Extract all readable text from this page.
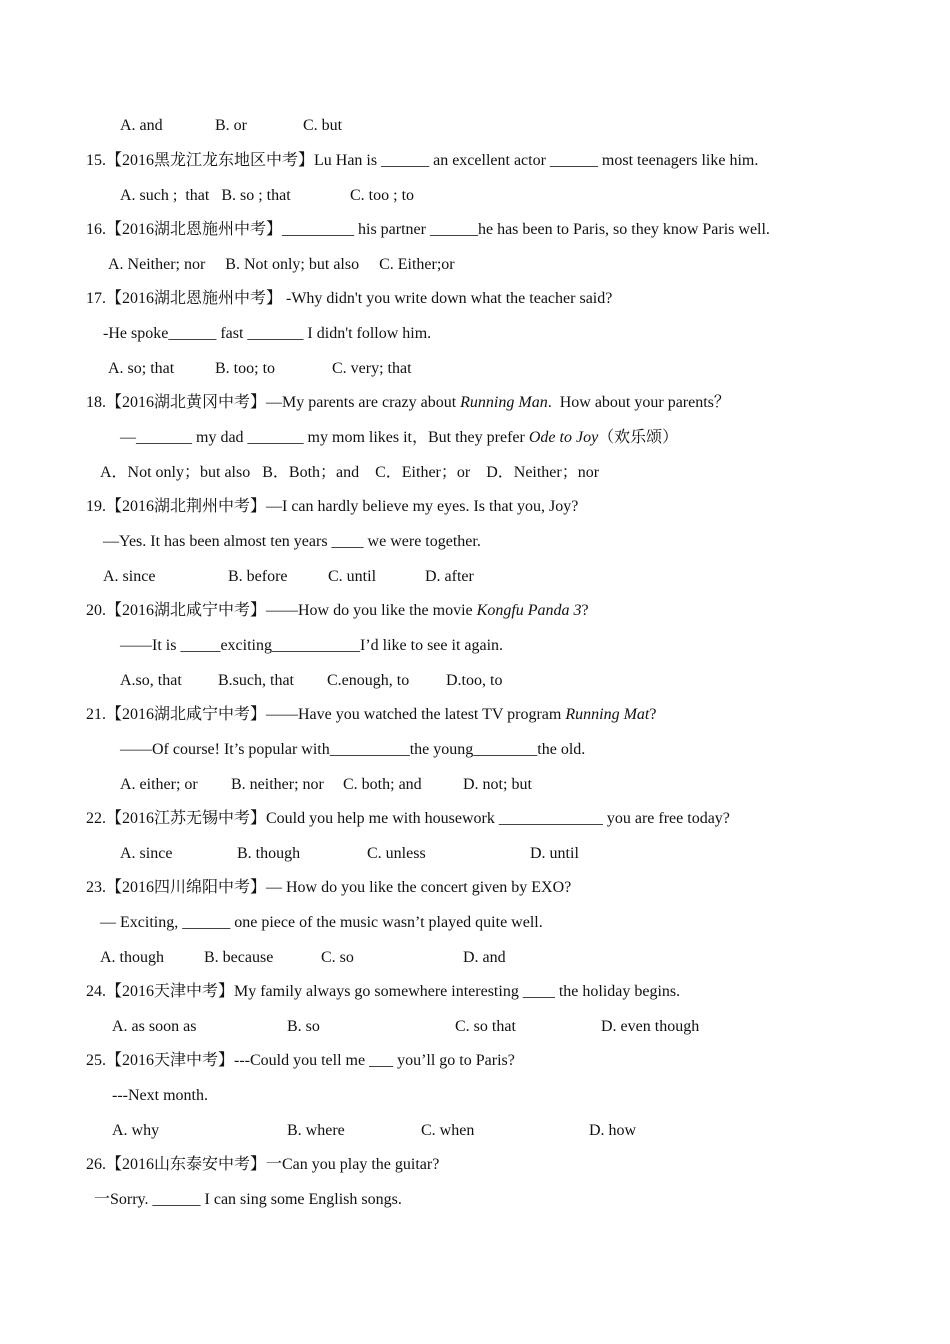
A. and	B. or	C. but
15.【2016黑龙江龙东地区中考】Lu Han is ______ an excellent actor ______ most teenagers like him.
A. such ;  that   B. so ; that	C. too ; to
16.【2016湖北恩施州中考】_________ his partner ______he has been to Paris, so they know Paris well.
A. Neither; nor     B. Not only; but also     C. Either;or
17.【2016湖北恩施州中考】 -Why didn't you write down what the teacher said?
-He spoke______ fast _______ I didn't follow him.
A. so; that	B. too; to	C. very; that
18.【2016湖北黄冈中考】—My parents are crazy about Running Man.  How about your parents？
—_______ my dad _______ my mom likes it，But they prefer Ode to Joy（欢乐颂）
A．Not only；but also   B．Both；and    C．Either；or    D．Neither；nor
19.【2016湖北荆州中考】—I can hardly believe my eyes. Is that you, Joy?
—Yes. It has been almost ten years ____ we were together.
A. since	B. before	C. until	D. after
20.【2016湖北咸宁中考】——How do you like the movie Kongfu Panda 3?
——It is _____exciting___________I’d like to see it again.
A.so, that B.such, that C.enough, to D.too, to
21.【2016湖北咸宁中考】——Have you watched the latest TV program Running Mat?
——Of course! It’s popular with__________the young________the old.
A. either; or B. neither; nor C. both; and	D. not; but
22.【2016江苏无锡中考】Could you help me with housework _____________ you are free today?
A. since	B. though	C. unless	D. until
23.【2016四川绵阳中考】— How do you like the concert given by EXO?
— Exciting, ______ one piece of the music wasn’t played quite well.
A. though	B. because	C. so	D. and
24.【2016天津中考】My family always go somewhere interesting ____ the holiday begins.
A. as soon as	B. so	C. so that	D. even though
25.【2016天津中考】---Could you tell me ___ you’ll go to Paris?
---Next month.
A. why	B. where	C. when	D. how
26.【2016山东泰安中考】一Can you play the guitar?
一Sorry. ______ I can sing some English songs.
